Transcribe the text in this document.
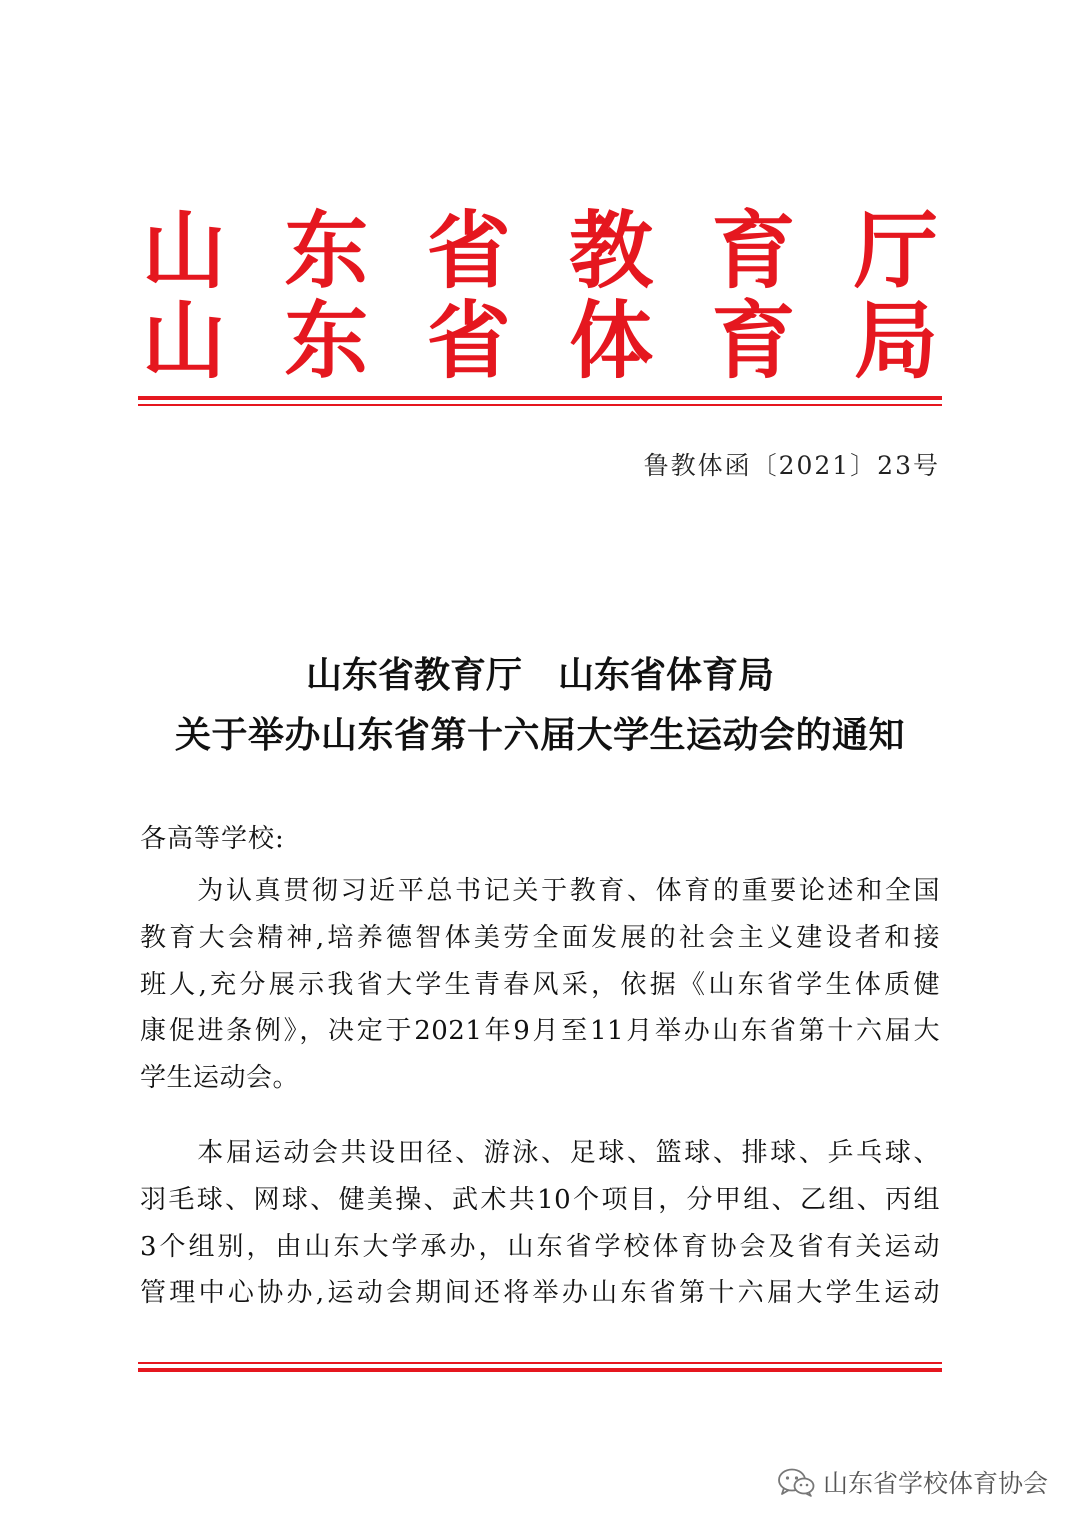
山 东 省 教 育 厅
山 东 省 体 育 局
鲁教体函〔2021〕23号
山东省教育厅　山东省体育局
关于举办山东省第十六届大学生运动会的通知
各高等学校:
　　为认真贯彻习近平总书记关于教育、体育的重要论述和全国
教育大会精神,培养德智体美劳全面发展的社会主义建设者和接
班人,充分展示我省大学生青春风采，依据《山东省学生体质健
康促进条例》，决定于2021年9月至11月举办山东省第十六届大
学生运动会。
　　本届运动会共设田径、游泳、足球、篮球、排球、乒乓球、
羽毛球、网球、健美操、武术共10个项目，分甲组、乙组、丙组
3个组别，由山东大学承办，山东省学校体育协会及省有关运动
管理中心协办,运动会期间还将举办山东省第十六届大学生运动
山东省学校体育协会
